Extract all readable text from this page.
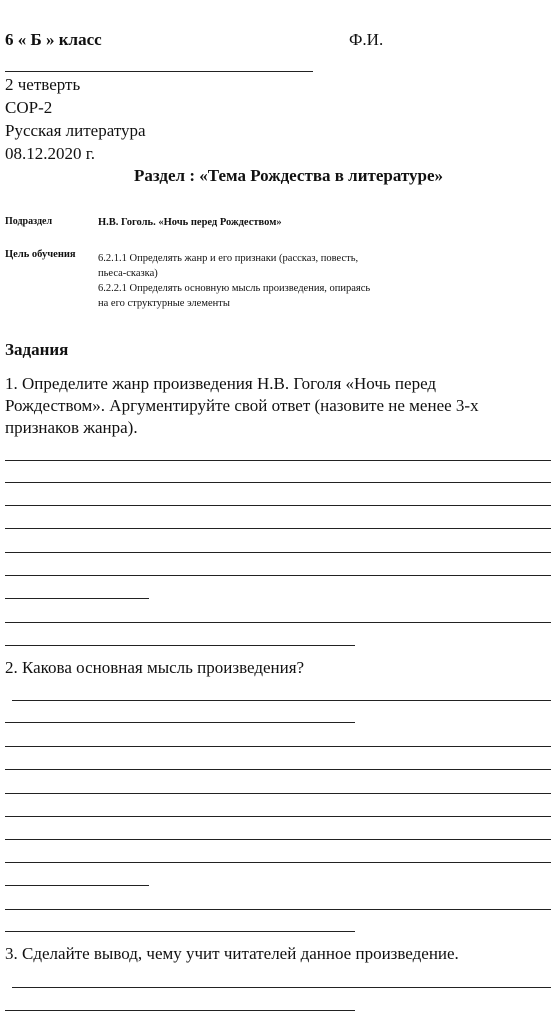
6 « Б » класс	Ф.И.
2 четверть
СОР-2
Русская литература
08.12.2020 г.
Раздел : «Тема Рождества в литературе»
Подраздел	Н.В. Гоголь. «Ночь перед Рождеством»
Цель обучения 6.2.1.1 Определять жанр и его признаки (рассказ, повесть,
пьеса-сказка)
6.2.2.1 Определять основную мысль произведения, опираясь
на его структурные элементы
Задания
1. Определите жанр произведения Н.В. Гоголя «Ночь перед
Рождеством». Аргументируйте свой ответ (назовите не менее 3-х
признаков жанра).
2. Какова основная мысль произведения?
3. Сделайте вывод, чему учит читателей данное произведение.
